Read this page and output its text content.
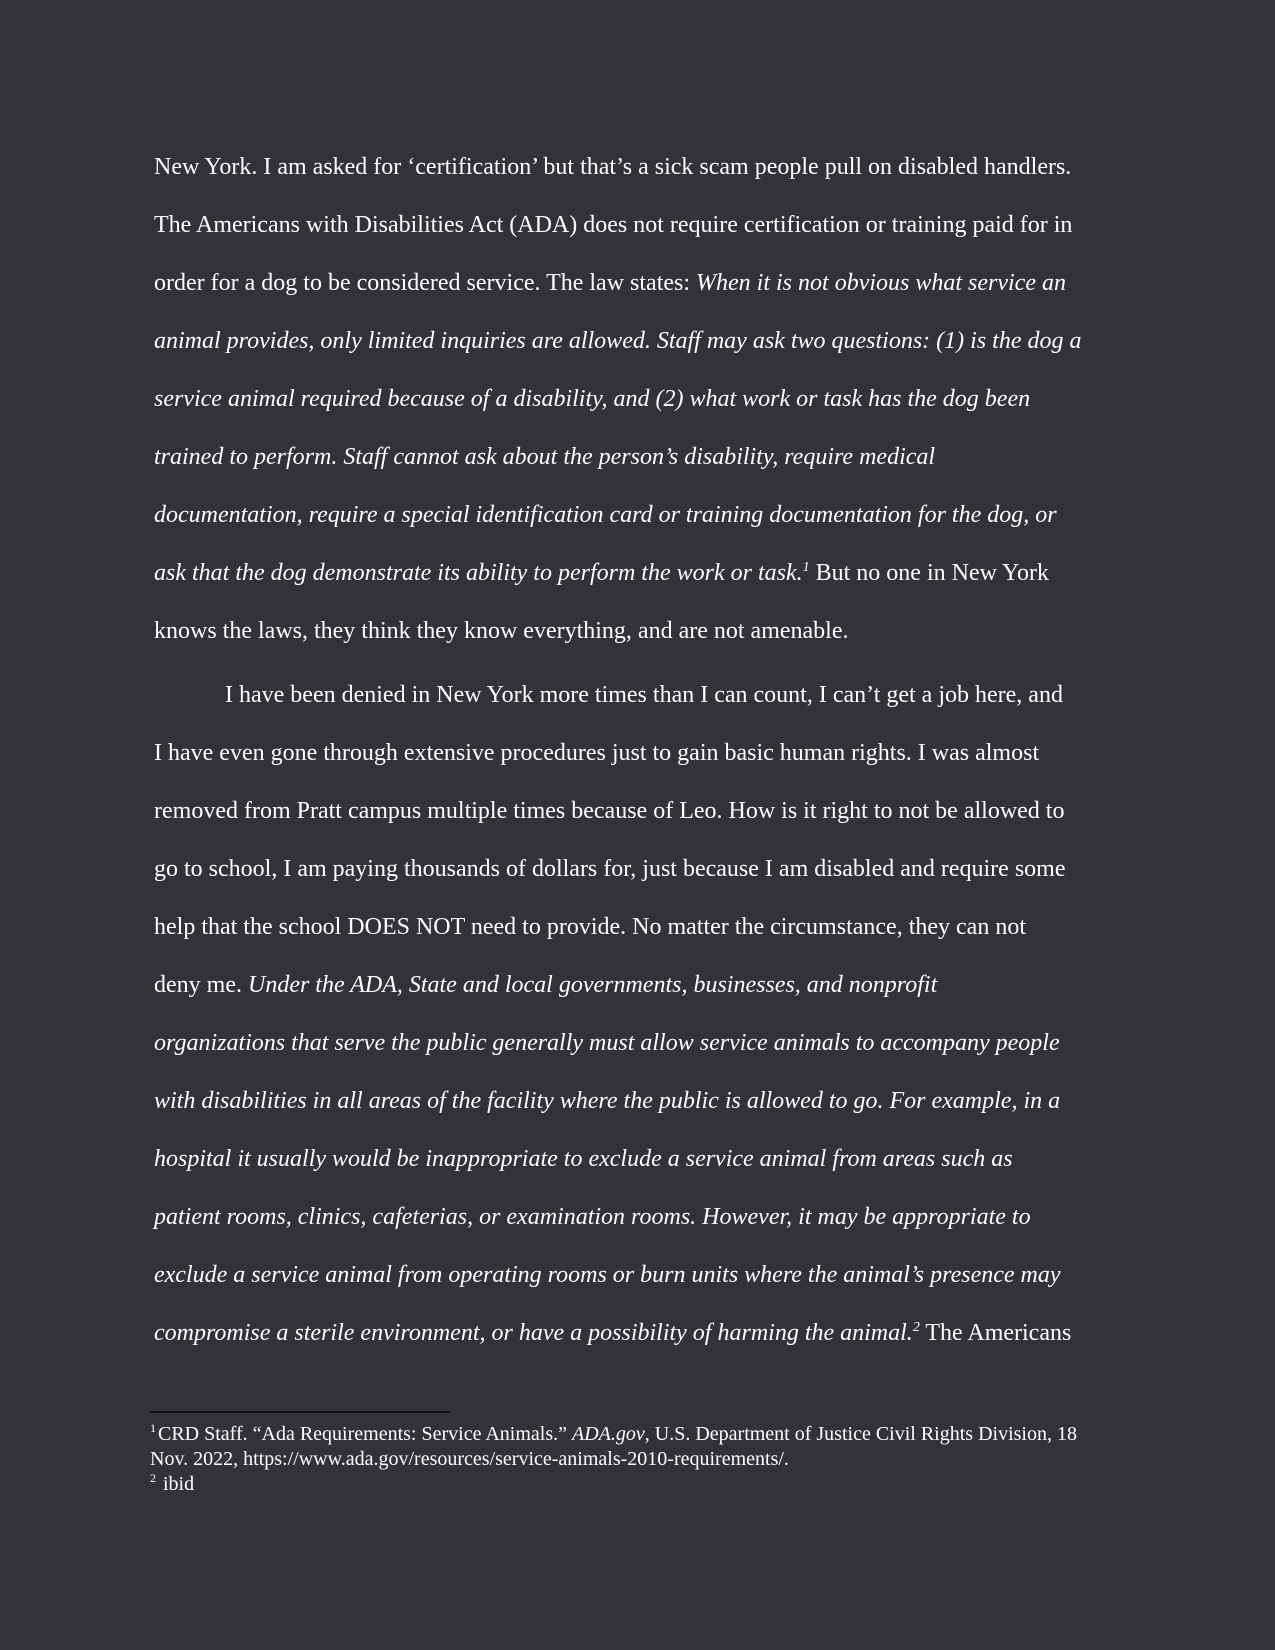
New York. I am asked for ‘certification’ but that’s a sick scam people pull on disabled handlers.
The Americans with Disabilities Act (ADA) does not require certification or training paid for in
order for a dog to be considered service. The law states: When it is not obvious what service an
animal provides, only limited inquiries are allowed. Staff may ask two questions: (1) is the dog a
service animal required because of a disability, and (2) what work or task has the dog been
trained to perform. Staff cannot ask about the person’s disability, require medical
documentation, require a special identification card or training documentation for the dog, or
ask that the dog demonstrate its ability to perform the work or task.$^1$ But no one in New York
knows the laws, they think they know everything, and are not amenable.
I have been denied in New York more times than I can count, I can’t get a job here, and
I have even gone through extensive procedures just to gain basic human rights. I was almost
removed from Pratt campus multiple times because of Leo. How is it right to not be allowed to
go to school, I am paying thousands of dollars for, just because I am disabled and require some
help that the school DOES NOT need to provide. No matter the circumstance, they can not
deny me. Under the ADA, State and local governments, businesses, and nonprofit
organizations that serve the public generally must allow service animals to accompany people
with disabilities in all areas of the facility where the public is allowed to go. For example, in a
hospital it usually would be inappropriate to exclude a service animal from areas such as
patient rooms, clinics, cafeterias, or examination rooms. However, it may be appropriate to
exclude a service animal from operating rooms or burn units where the animal’s presence may
compromise a sterile environment, or have a possibility of harming the animal.$^2$ The Americans
$^1$ CRD Staff. “Ada Requirements: Service Animals.” ADA.gov, U.S. Department of Justice Civil Rights Division, 18
Nov. 2022, https://www.ada.gov/resources/service-animals-2010-requirements/.
$^2$ ibid
